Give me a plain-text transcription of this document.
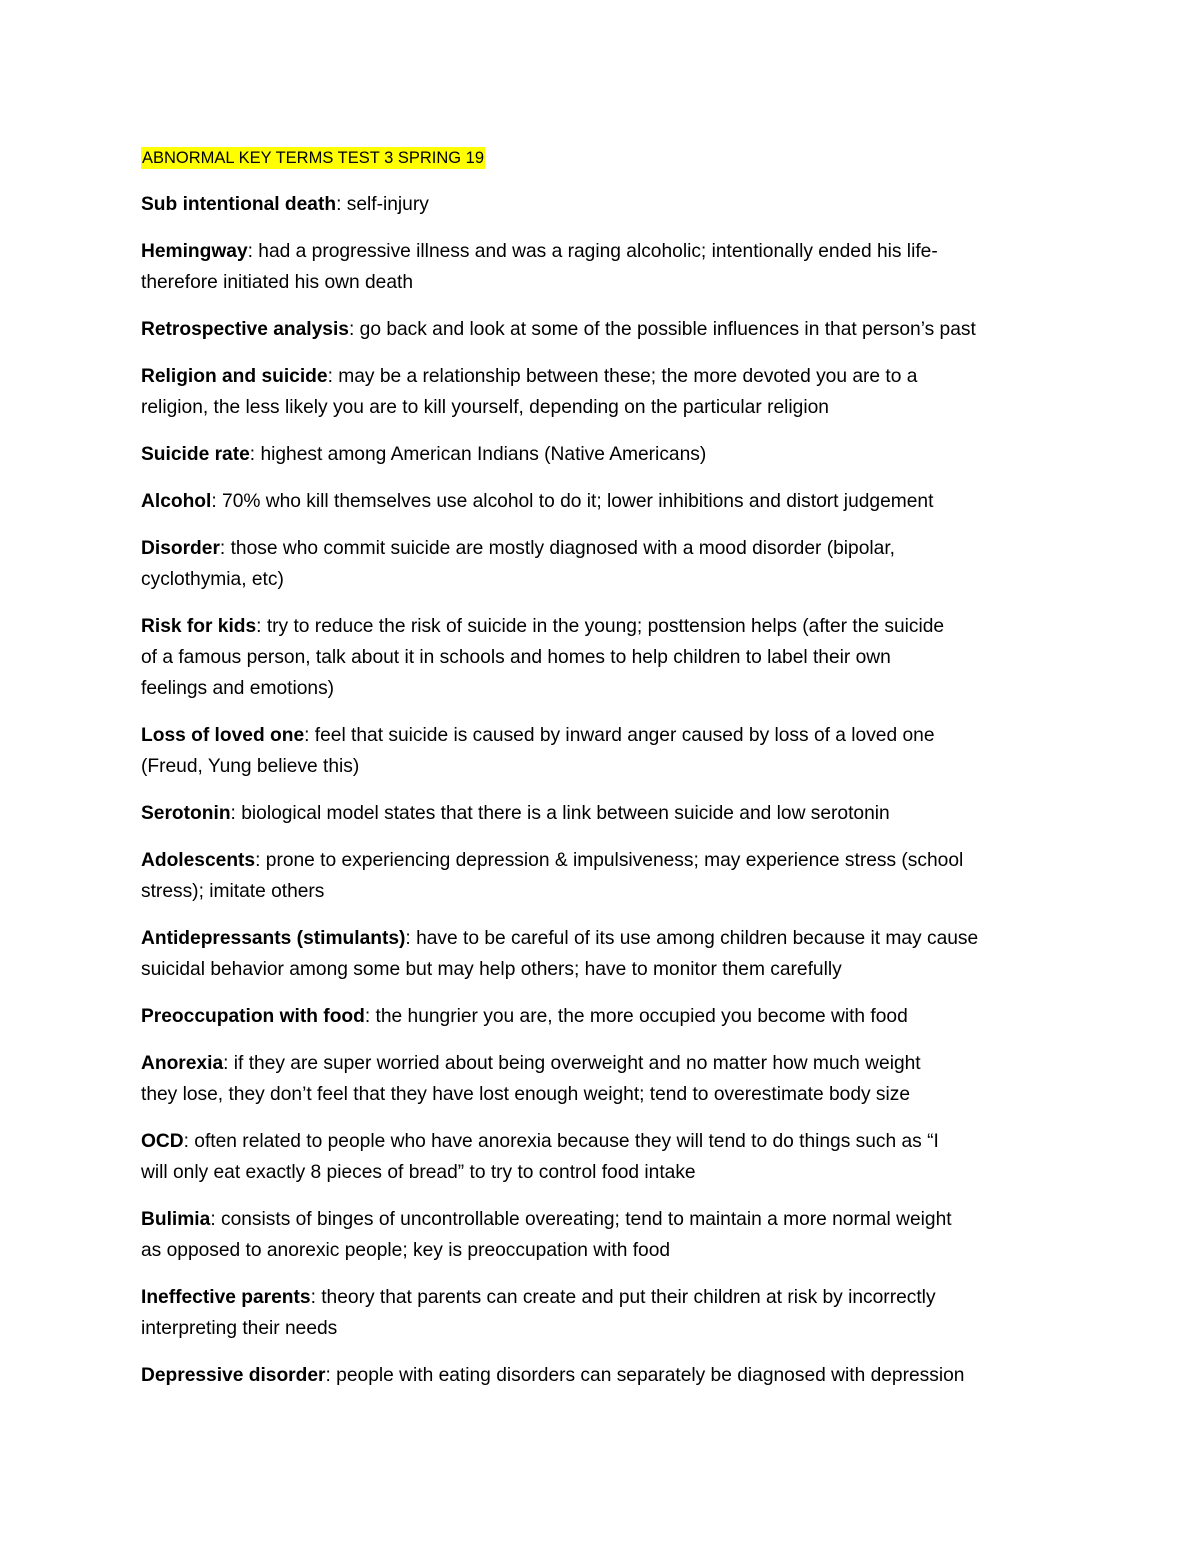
ABNORMAL KEY TERMS TEST 3 SPRING 19

Sub intentional death: self-injury

Hemingway: had a progressive illness and was a raging alcoholic; intentionally ended his life-
therefore initiated his own death

Retrospective analysis: go back and look at some of the possible influences in that person’s past

Religion and suicide: may be a relationship between these; the more devoted you are to a
religion, the less likely you are to kill yourself, depending on the particular religion

Suicide rate: highest among American Indians (Native Americans)

Alcohol: 70% who kill themselves use alcohol to do it; lower inhibitions and distort judgement

Disorder: those who commit suicide are mostly diagnosed with a mood disorder (bipolar,
cyclothymia, etc)

Risk for kids: try to reduce the risk of suicide in the young; posttension helps (after the suicide
of a famous person, talk about it in schools and homes to help children to label their own
feelings and emotions)

Loss of loved one: feel that suicide is caused by inward anger caused by loss of a loved one
(Freud, Yung believe this)

Serotonin: biological model states that there is a link between suicide and low serotonin

Adolescents: prone to experiencing depression & impulsiveness; may experience stress (school
stress); imitate others

Antidepressants (stimulants): have to be careful of its use among children because it may cause
suicidal behavior among some but may help others; have to monitor them carefully

Preoccupation with food: the hungrier you are, the more occupied you become with food

Anorexia: if they are super worried about being overweight and no matter how much weight
they lose, they don’t feel that they have lost enough weight; tend to overestimate body size

OCD: often related to people who have anorexia because they will tend to do things such as “I
will only eat exactly 8 pieces of bread” to try to control food intake

Bulimia: consists of binges of uncontrollable overeating; tend to maintain a more normal weight
as opposed to anorexic people; key is preoccupation with food

Ineffective parents: theory that parents can create and put their children at risk by incorrectly
interpreting their needs

Depressive disorder: people with eating disorders can separately be diagnosed with depression
